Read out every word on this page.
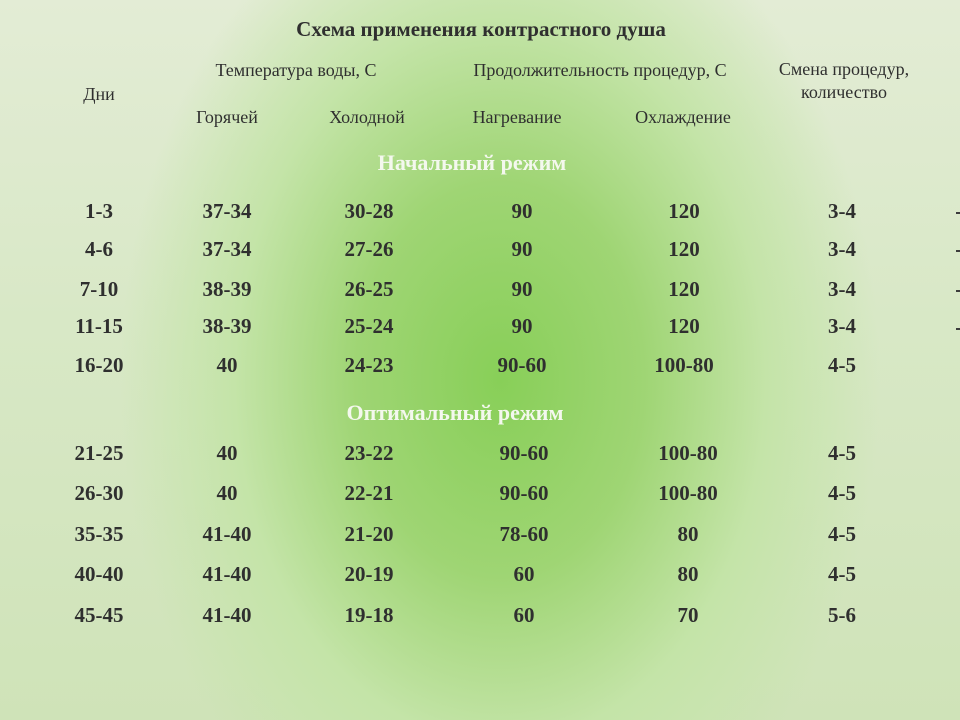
Схема применения контрастного душа
Дни
Температура воды, С	Продолжительность процедур, С	Смена процедур, количество
Горячей	Холодной	Нагревание	Охлаждение
Начальный режим
1-3	37-34	30-28	90	120	3-4
4-6	37-34	27-26	90	120	3-4
7-10	38-39	26-25	90	120	3-4
11-15	38-39	25-24	90	120	3-4
16-20	40	24-23	90-60	100-80	4-5
Оптимальный режим
21-25	40	23-22	90-60	100-80	4-5
26-30	40	22-21	90-60	100-80	4-5
35-35	41-40	21-20	78-60	80	4-5
40-40	41-40	20-19	60	80	4-5
45-45	41-40	19-18	60	70	5-6
